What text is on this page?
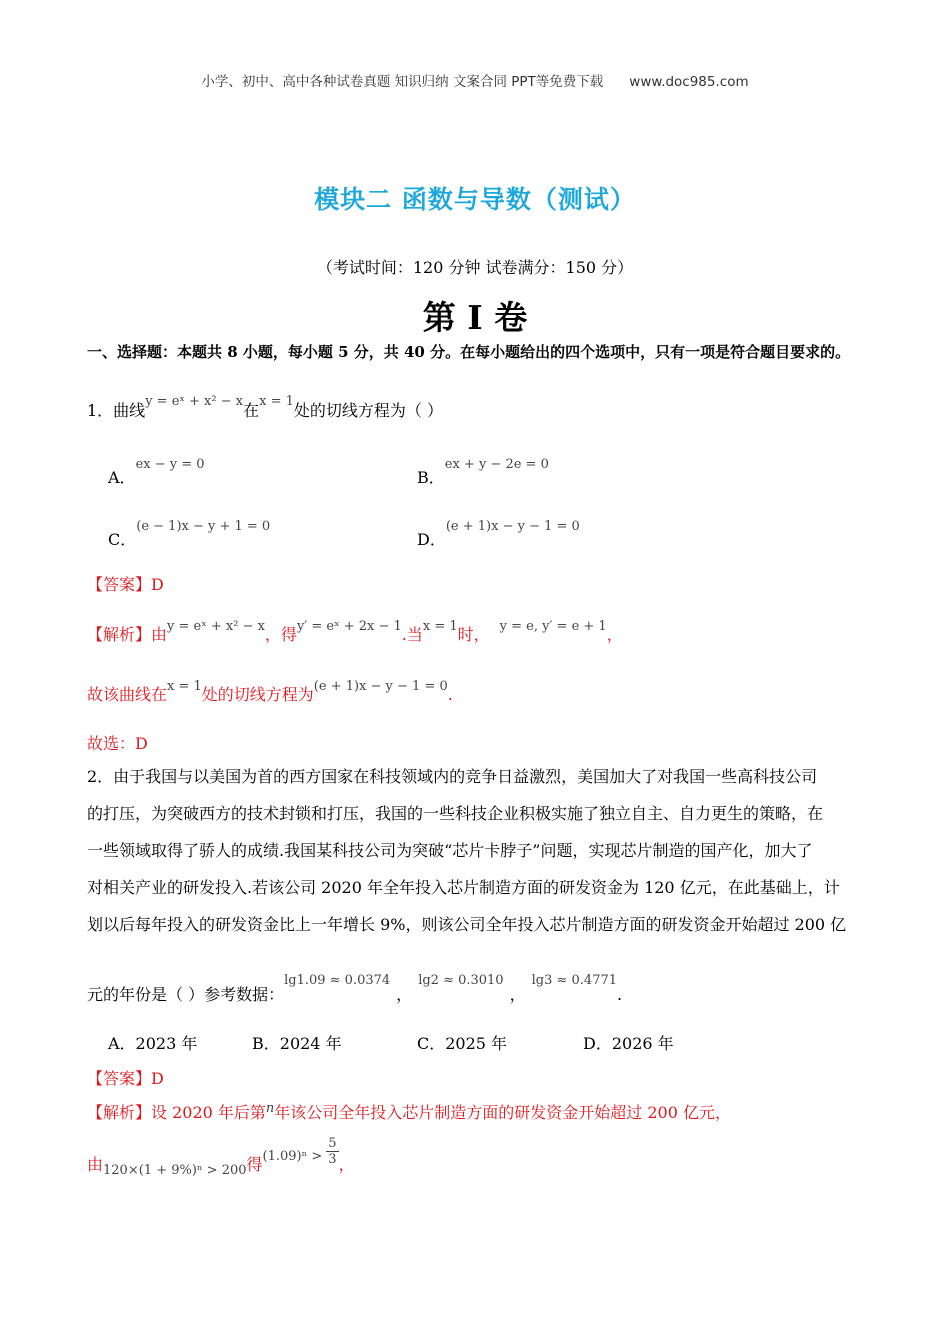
小学、初中、高中各种试卷真题 知识归纳 文案合同 PPT等免费下载 www.doc985.com
模块二 函数与导数（测试）
（考试时间：120 分钟 试卷满分：150 分）
第 I 卷
一、选择题：本题共 8 小题，每小题 5 分，共 40 分。在每小题给出的四个选项中，只有一项是符合题目要求的。
1．曲线$^{y = eˣ + x^2 - x}$在$^{x = 1}$处的切线方程为（ ）
A．ex − y = 0
B．ex + y − 2e = 0
C．(e − 1)x − y + 1 = 0
D．(e + 1)x − y − 1 = 0
【答案】D
【解析】由y = eˣ + x² − x，得y′ = eˣ + 2x − 1.当x = 1时， y = e, y′ = e + 1，
故该曲线在x = 1处的切线方程为(e + 1)x − y − 1 = 0.
故选：D
2．由于我国与以美国为首的西方国家在科技领域内的竞争日益激烈，美国加大了对我国一些高科技公司
的打压，为突破西方的技术封锁和打压，我国的一些科技企业积极实施了独立自主、自力更生的策略，在
一些领域取得了骄人的成绩.我国某科技公司为突破“芯片卡脖子”问题，实现芯片制造的国产化，加大了
对相关产业的研发投入.若该公司 2020 年全年投入芯片制造方面的研发资金为 120 亿元，在此基础上，计
划以后每年投入的研发资金比上一年增长 9%，则该公司全年投入芯片制造方面的研发资金开始超过 200 亿
元的年份是（ ）参考数据：lg1.09 ≈ 0.0374，lg2 ≈ 0.3010，lg3 ≈ 0.4771.
A．2023 年	B．2024 年	C．2025 年	D．2026 年
【答案】D
【解析】设 2020 年后第$^n$年该公司全年投入芯片制造方面的研发资金开始超过 200 亿元，
由$_{120\times(1 + 9\%)^n > 200}$得$_{(1.09)^n >} \frac{5}{3}$ ，
